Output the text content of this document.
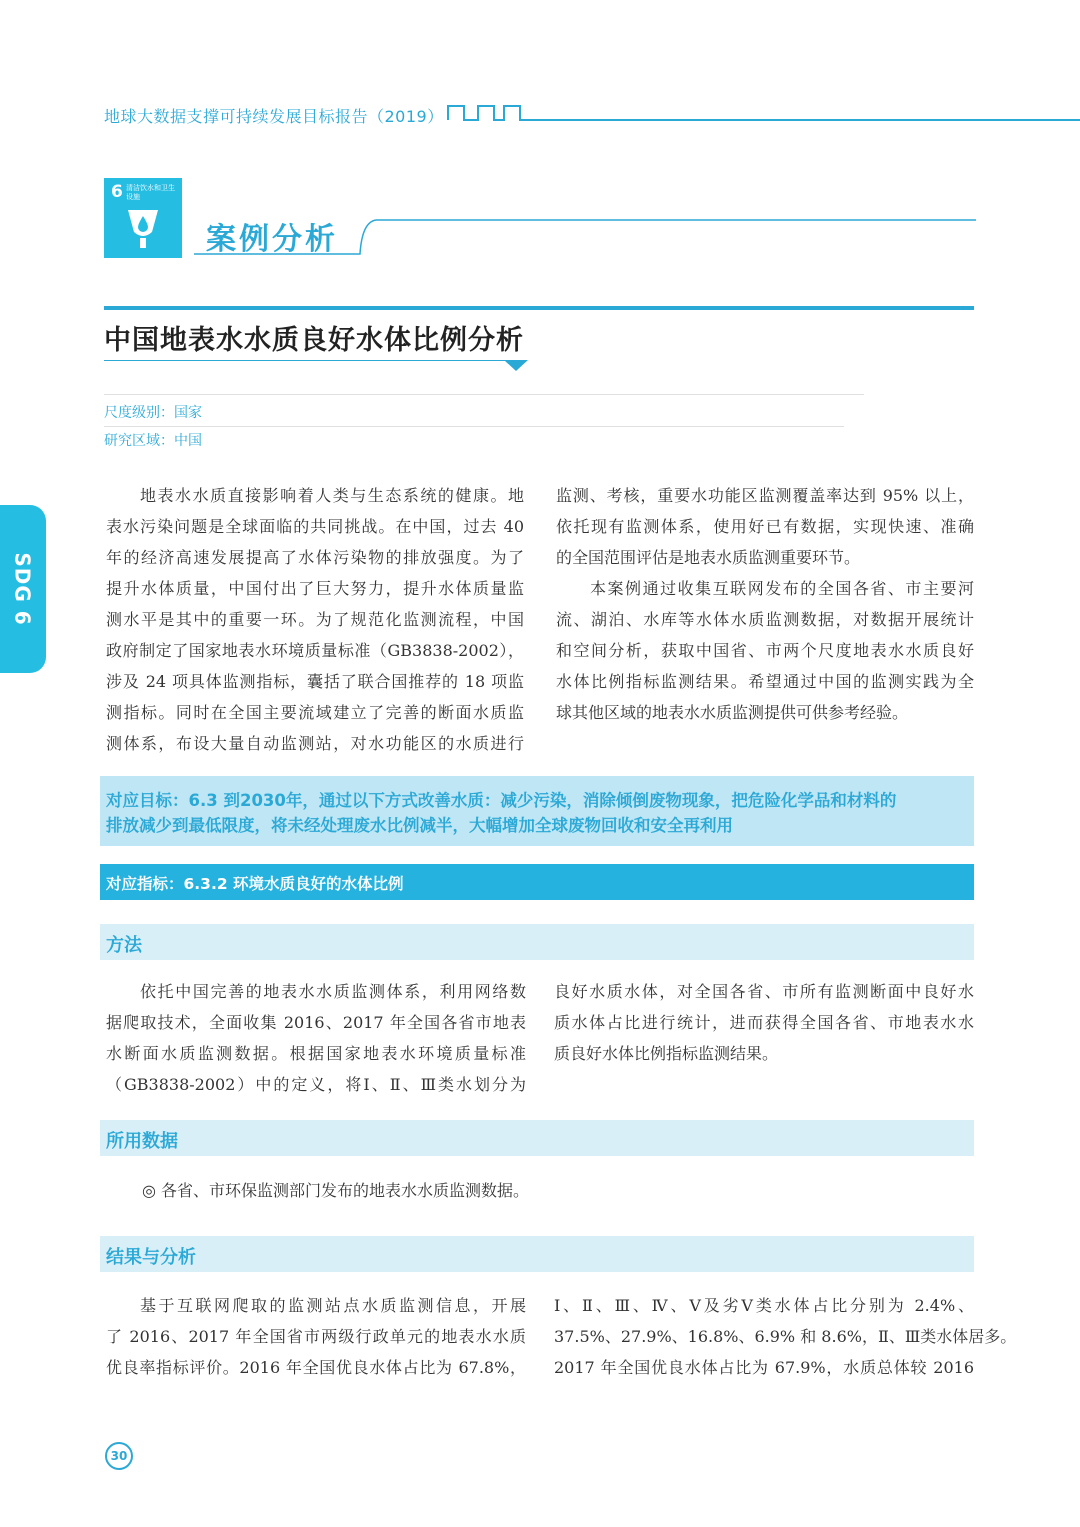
地球大数据支撑可持续发展目标报告（2019）
6 清洁饮水和卫生设施
案例分析
中国地表水水质良好水体比例分析
尺度级别：国家
研究区域：中国
SDG 6
地表水水质直接影响着人类与生态系统的健康。地
表水污染问题是全球面临的共同挑战。在中国，过去 40
年的经济高速发展提高了水体污染物的排放强度。为了
提升水体质量，中国付出了巨大努力，提升水体质量监
测水平是其中的重要一环。为了规范化监测流程，中国
政府制定了国家地表水环境质量标准（GB3838-2002），
涉及 24 项具体监测指标，囊括了联合国推荐的 18 项监
测指标。同时在全国主要流域建立了完善的断面水质监
测体系，布设大量自动监测站，对水功能区的水质进行
监测、考核，重要水功能区监测覆盖率达到 95% 以上，
依托现有监测体系，使用好已有数据，实现快速、准确
的全国范围评估是地表水质监测重要环节。
本案例通过收集互联网发布的全国各省、市主要河
流、湖泊、水库等水体水质监测数据，对数据开展统计
和空间分析，获取中国省、市两个尺度地表水水质良好
水体比例指标监测结果。希望通过中国的监测实践为全
球其他区域的地表水水质监测提供可供参考经验。
对应目标：6.3 到2030年，通过以下方式改善水质：减少污染，消除倾倒废物现象，把危险化学品和材料的
排放减少到最低限度，将未经处理废水比例减半，大幅增加全球废物回收和安全再利用
对应指标：6.3.2 环境水质良好的水体比例
方法
依托中国完善的地表水水质监测体系，利用网络数
据爬取技术，全面收集 2016、2017 年全国各省市地表
水断面水质监测数据。根据国家地表水环境质量标准
（GB3838-2002）中的定义，将Ⅰ、Ⅱ、Ⅲ类水划分为
良好水质水体，对全国各省、市所有监测断面中良好水
质水体占比进行统计，进而获得全国各省、市地表水水
质良好水体比例指标监测结果。
所用数据
◎ 各省、市环保监测部门发布的地表水水质监测数据。
结果与分析
基于互联网爬取的监测站点水质监测信息，开展
了 2016、2017 年全国省市两级行政单元的地表水水质
优良率指标评价。2016 年全国优良水体占比为 67.8%，
Ⅰ、Ⅱ、Ⅲ、Ⅳ、Ⅴ及劣Ⅴ类水体占比分别为 2.4%、
37.5%、27.9%、16.8%、6.9% 和 8.6%，Ⅱ、Ⅲ类水体居多。
2017 年全国优良水体占比为 67.9%，水质总体较 2016
30
